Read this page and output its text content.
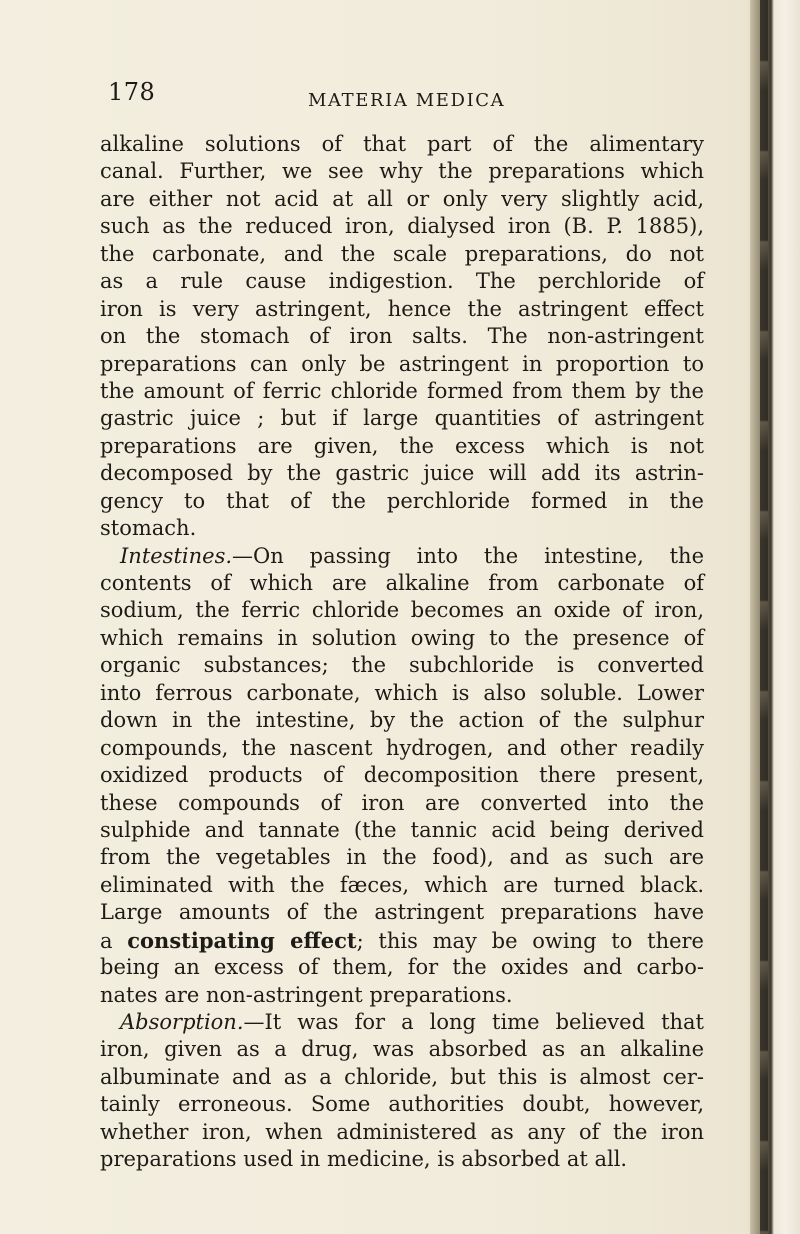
178	MATERIA MEDICA
alkaline solutions of that part of the alimentary
canal. Further, we see why the preparations which
are either not acid at all or only very slightly acid,
such as the reduced iron, dialysed iron (B. P. 1885),
the carbonate, and the scale preparations, do not
as a rule cause indigestion. The perchloride of
iron is very astringent, hence the astringent effect
on the stomach of iron salts. The non-astringent
preparations can only be astringent in proportion to
the amount of ferric chloride formed from them by the
gastric juice ; but if large quantities of astringent
preparations are given, the excess which is not
decomposed by the gastric juice will add its astrin-
gency to that of the perchloride formed in the
stomach.
Intestines.—On passing into the intestine, the
contents of which are alkaline from carbonate of
sodium, the ferric chloride becomes an oxide of iron,
which remains in solution owing to the presence of
organic substances; the subchloride is converted
into ferrous carbonate, which is also soluble. Lower
down in the intestine, by the action of the sulphur
compounds, the nascent hydrogen, and other readily
oxidized products of decomposition there present,
these compounds of iron are converted into the
sulphide and tannate (the tannic acid being derived
from the vegetables in the food), and as such are
eliminated with the fæces, which are turned black.
Large amounts of the astringent preparations have
a constipating effect; this may be owing to there
being an excess of them, for the oxides and carbo-
nates are non-astringent preparations.
Absorption.—It was for a long time believed that
iron, given as a drug, was absorbed as an alkaline
albuminate and as a chloride, but this is almost cer-
tainly erroneous. Some authorities doubt, however,
whether iron, when administered as any of the iron
preparations used in medicine, is absorbed at all.
